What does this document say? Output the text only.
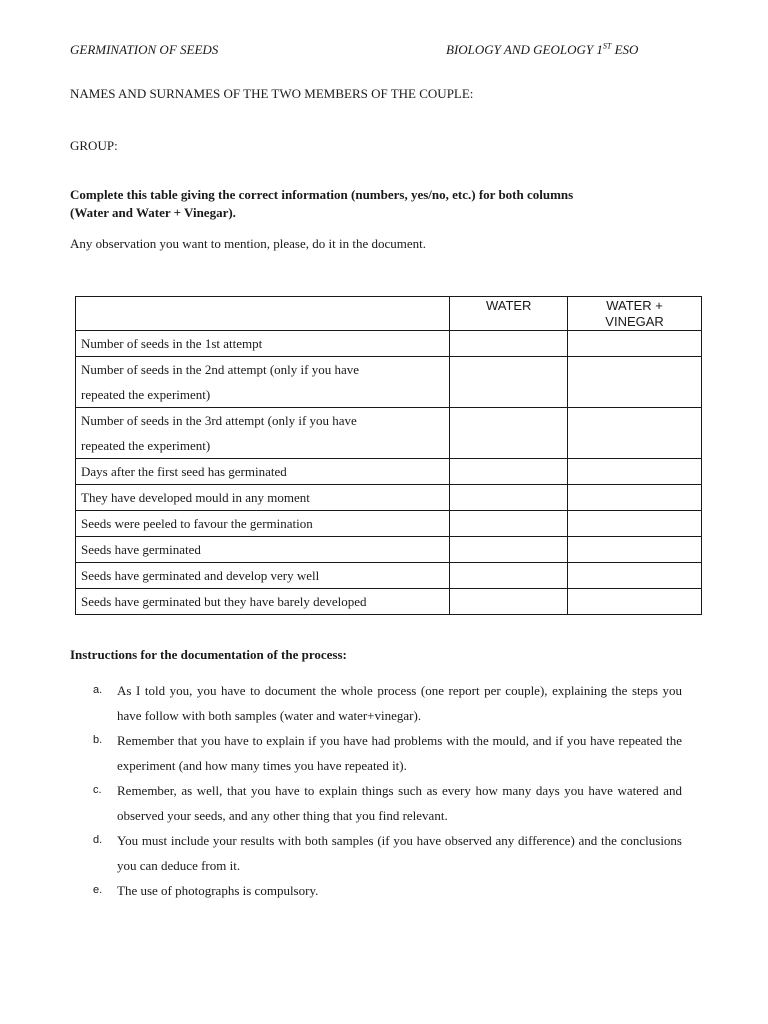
GERMINATION OF SEEDS	BIOLOGY AND GEOLOGY 1ST ESO
NAMES AND SURNAMES OF THE TWO MEMBERS OF THE COUPLE:
GROUP:
Complete this table giving the correct information (numbers, yes/no, etc.) for both columns
(Water and Water + Vinegar).
Any observation you want to mention, please, do it in the document.
	WATER	WATER +
VINEGAR
Number of seeds in the 1st attempt		
Number of seeds in the 2nd attempt (only if you have
repeated the experiment)		
Number of seeds in the 3rd attempt (only if you have
repeated the experiment)		
Days after the first seed has germinated		
They have developed mould in any moment		
Seeds were peeled to favour the germination		
Seeds have germinated		
Seeds have germinated and develop very well		
Seeds have germinated but they have barely developed		
Instructions for the documentation of the process:
a. As I told you, you have to document the whole process (one report per couple), explaining the steps you have follow with both samples (water and water+vinegar).
b. Remember that you have to explain if you have had problems with the mould, and if you have repeated the experiment (and how many times you have repeated it).
c. Remember, as well, that you have to explain things such as every how many days you have watered and observed your seeds, and any other thing that you find relevant.
d. You must include your results with both samples (if you have observed any difference) and the conclusions you can deduce from it.
e. The use of photographs is compulsory.
